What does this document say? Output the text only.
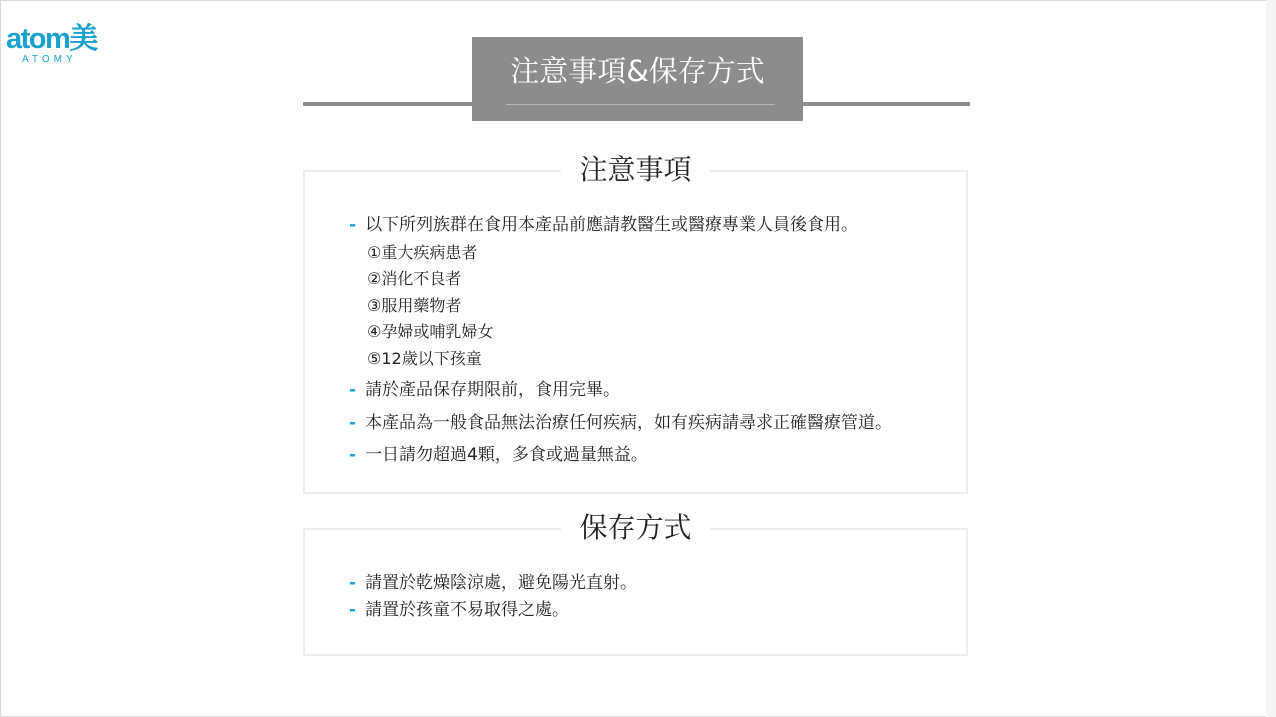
atom美
ATOMY	注意事項&保存方式
注意事項
- 以下所列族群在食用本產品前應請教醫生或醫療專業人員後食用。
①重大疾病患者
②消化不良者
③服用藥物者
④孕婦或哺乳婦女
⑤12歲以下孩童
- 請於產品保存期限前，食用完畢。
- 本產品為一般食品無法治療任何疾病，如有疾病請尋求正確醫療管道。
- 一日請勿超過4顆，多食或過量無益。
保存方式
- 請置於乾燥陰涼處，避免陽光直射。
- 請置於孩童不易取得之處。
